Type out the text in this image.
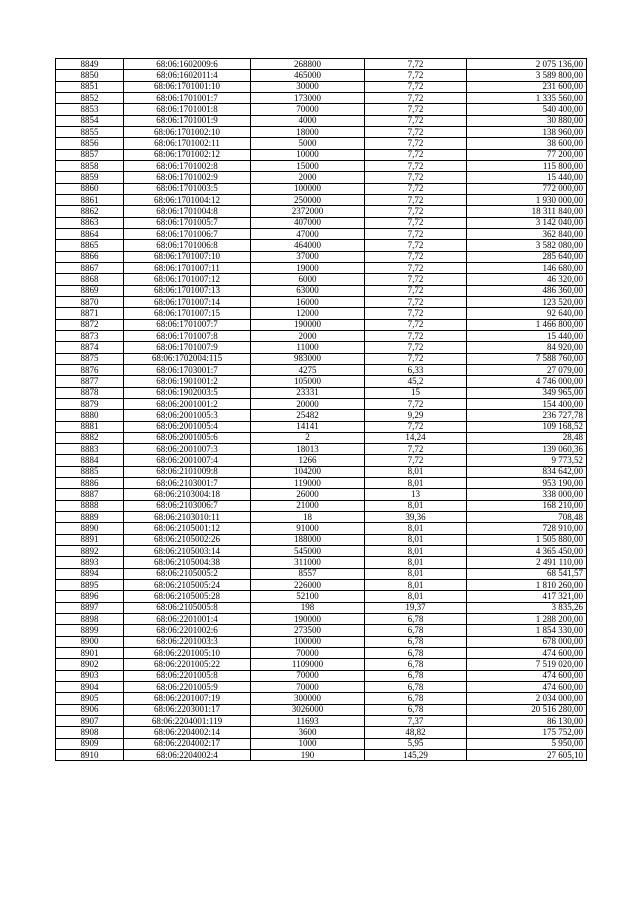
8849	68:06:1602009:6	268800	7,72	2 075 136,00
8850	68:06:1602011:4	465000	7,72	3 589 800,00
8851	68:06:1701001:10	30000	7,72	231 600,00
8852	68:06:1701001:7	173000	7,72	1 335 560,00
8853	68:06:1701001:8	70000	7,72	540 400,00
8854	68:06:1701001:9	4000	7,72	30 880,00
8855	68:06:1701002:10	18000	7,72	138 960,00
8856	68:06:1701002:11	5000	7,72	38 600,00
8857	68:06:1701002:12	10000	7,72	77 200,00
8858	68:06:1701002:8	15000	7,72	115 800,00
8859	68:06:1701002:9	2000	7,72	15 440,00
8860	68:06:1701003:5	100000	7,72	772 000,00
8861	68:06:1701004:12	250000	7,72	1 930 000,00
8862	68:06:1701004:8	2372000	7,72	18 311 840,00
8863	68:06:1701005:7	407000	7,72	3 142 040,00
8864	68:06:1701006:7	47000	7,72	362 840,00
8865	68:06:1701006:8	464000	7,72	3 582 080,00
8866	68:06:1701007:10	37000	7,72	285 640,00
8867	68:06:1701007:11	19000	7,72	146 680,00
8868	68:06:1701007:12	6000	7,72	46 320,00
8869	68:06:1701007:13	63000	7,72	486 360,00
8870	68:06:1701007:14	16000	7,72	123 520,00
8871	68:06:1701007:15	12000	7,72	92 640,00
8872	68:06:1701007:7	190000	7,72	1 466 800,00
8873	68:06:1701007:8	2000	7,72	15 440,00
8874	68:06:1701007:9	11000	7,72	84 920,00
8875	68:06:1702004:115	983000	7,72	7 588 760,00
8876	68:06:1703001:7	4275	6,33	27 079,00
8877	68:06:1901001:2	105000	45,2	4 746 000,00
8878	68:06:1902003:5	23331	15	349 965,00
8879	68:06:2001001:2	20000	7,72	154 400,00
8880	68:06:2001005:3	25482	9,29	236 727,78
8881	68:06:2001005:4	14141	7,72	109 168,52
8882	68:06:2001005:6	2	14,24	28,48
8883	68:06:2001007:3	18013	7,72	139 060,36
8884	68:06:2001007:4	1266	7,72	9 773,52
8885	68:06:2101009:8	104200	8,01	834 642,00
8886	68:06:2103001:7	119000	8,01	953 190,00
8887	68:06:2103004:18	26000	13	338 000,00
8888	68:06:2103006:7	21000	8,01	168 210,00
8889	68:06:2103010:11	18	39,36	708,48
8890	68:06:2105001:12	91000	8,01	728 910,00
8891	68:06:2105002:26	188000	8,01	1 505 880,00
8892	68:06:2105003:14	545000	8,01	4 365 450,00
8893	68:06:2105004:38	311000	8,01	2 491 110,00
8894	68:06:2105005:2	8557	8,01	68 541,57
8895	68:06:2105005:24	226000	8,01	1 810 260,00
8896	68:06:2105005:28	52100	8,01	417 321,00
8897	68:06:2105005:8	198	19,37	3 835,26
8898	68:06:2201001:4	190000	6,78	1 288 200,00
8899	68:06:2201002:6	273500	6,78	1 854 330,00
8900	68:06:2201003:3	100000	6,78	678 000,00
8901	68:06:2201005:10	70000	6,78	474 600,00
8902	68:06:2201005:22	1109000	6,78	7 519 020,00
8903	68:06:2201005:8	70000	6,78	474 600,00
8904	68:06:2201005:9	70000	6,78	474 600,00
8905	68:06:2201007:19	300000	6,78	2 034 000,00
8906	68:06:2203001:17	3026000	6,78	20 516 280,00
8907	68:06:2204001:119	11693	7,37	86 130,00
8908	68:06:2204002:14	3600	48,82	175 752,00
8909	68:06:2204002:17	1000	5,95	5 950,00
8910	68:06:2204002:4	190	145,29	27 605,10
